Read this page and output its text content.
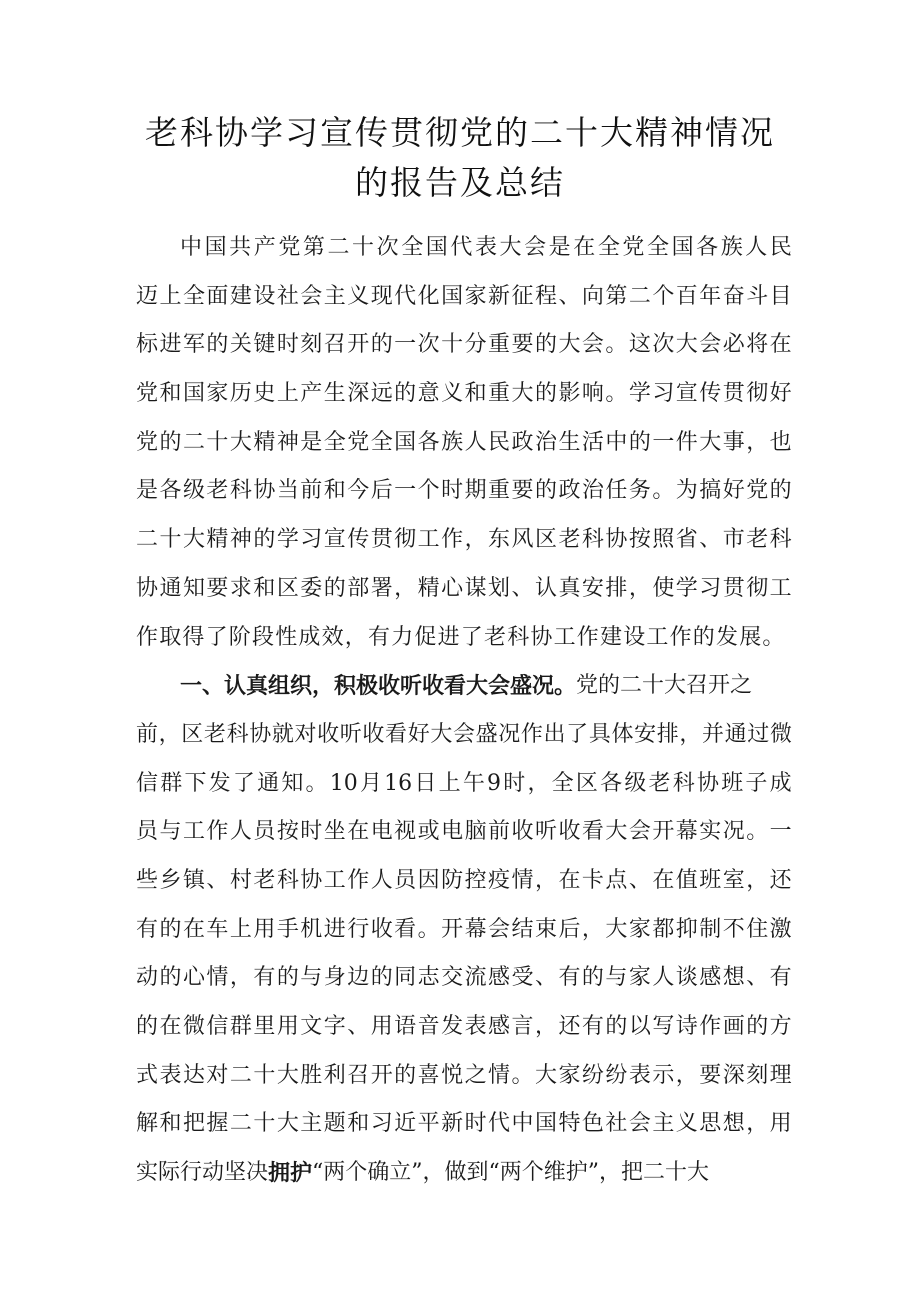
老科协学习宣传贯彻党的二十大精神情况
的报告及总结
中 国 共 产 党 第 二 十 次 全 国 代 表 大 会 是 在 全 党 全 国 各 族 人 民
迈 上 全 面 建 设 社 会 主 义 现 代 化 国 家 新 征 程 、 向 第 二 个 百 年 奋 斗 目
标 进 军 的 关 键 时 刻 召 开 的 一 次 十 分 重 要 的 大 会 。 这 次 大 会 必 将 在
党 和 国 家 历 史 上 产 生 深 远 的 意 义 和 重 大 的 影 响 。 学 习 宣 传 贯 彻 好
党 的 二 十 大 精 神 是 全 党 全 国 各 族 人 民 政 治 生 活 中 的 一 件 大 事 ， 也
是 各 级 老 科 协 当 前 和 今 后 一 个 时 期 重 要 的 政 治 任 务 。 为 搞 好 党 的
二 十 大 精 神 的 学 习 宣 传 贯 彻 工 作 ， 东 风 区 老 科 协 按 照 省 、 市 老 科
协 通 知 要 求 和 区 委 的 部 署 ， 精 心 谋 划 、 认 真 安 排 ， 使 学 习 贯 彻 工
作取得了阶段性成效，有力促进了老科协工作建设工作的发展。
一、认真组织，积极收听收看大会盛况。 党的二十大召开之
前 ， 区 老 科 协 就 对 收 听 收 看 好 大 会 盛 况 作 出 了 具 体 安 排 ， 并 通 过 微
信 群 下 发 了 通 知 。 10 月 16 日 上 午 9 时 ， 全 区 各 级 老 科 协 班 子 成
员 与 工 作 人 员 按 时 坐 在 电 视 或 电 脑 前 收 听 收 看 大 会 开 幕 实 况 。 一
些 乡 镇 、 村 老 科 协 工 作 人 员 因 防 控 疫 情 ， 在 卡 点 、 在 值 班 室 ， 还
有 的 在 车 上 用 手 机 进 行 收 看 。 开 幕 会 结 束 后 ， 大 家 都 抑 制 不 住 激
动 的 心 情 ， 有 的 与 身 边 的 同 志 交 流 感 受 、 有 的 与 家 人 谈 感 想 、 有
的 在 微 信 群 里 用 文 字 、 用 语 音 发 表 感 言 ， 还 有 的 以 写 诗 作 画 的 方
式 表 达 对 二 十 大 胜 利 召 开 的 喜 悦 之 情 。 大 家 纷 纷 表 示 ， 要 深 刻 理
解 和 把 握 二 十 大 主 题 和 习 近 平 新 时 代 中 国 特 色 社 会 主 义 思 想 ， 用
实际行动坚决 拥护 “两个确立”，做到“两个维护”，把二十大
